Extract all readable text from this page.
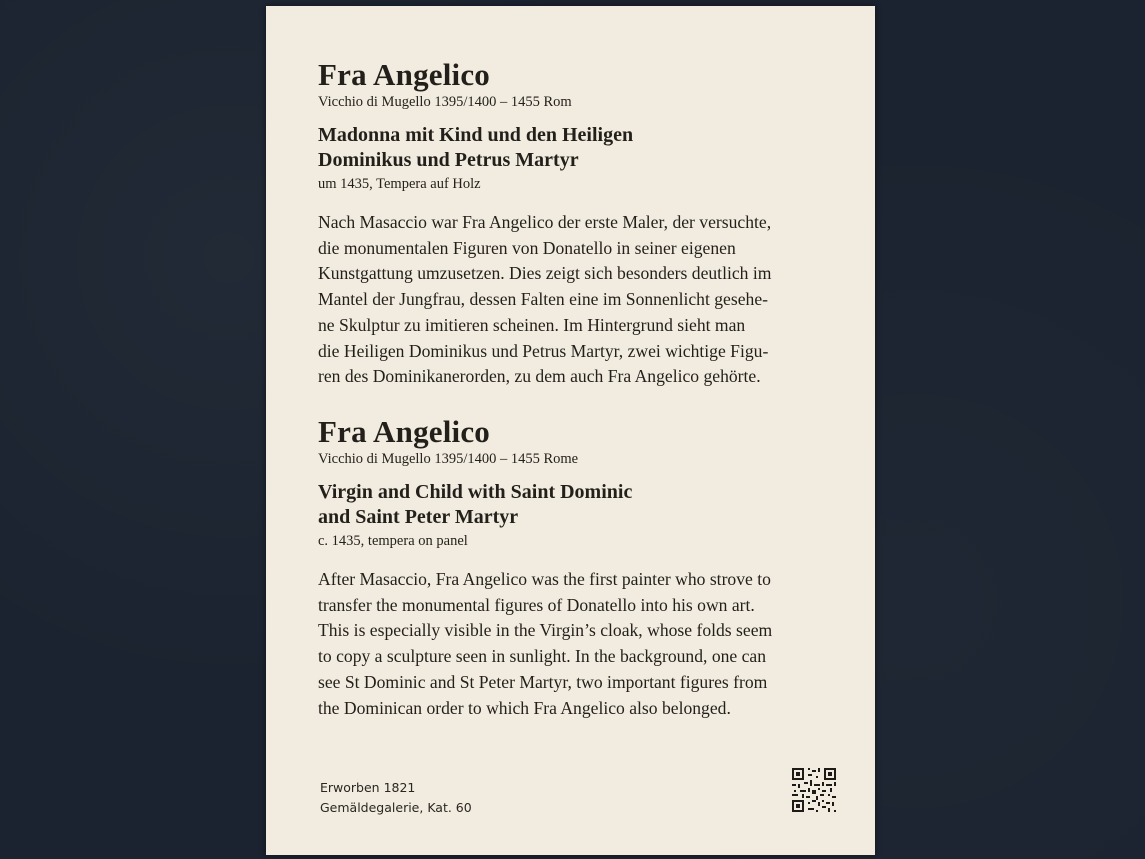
Fra Angelico
Vicchio di Mugello 1395/1400 – 1455 Rom
Madonna mit Kind und den Heiligen
Dominikus und Petrus Martyr
um 1435, Tempera auf Holz
Nach Masaccio war Fra Angelico der erste Maler, der versuchte,
die monumentalen Figuren von Donatello in seiner eigenen
Kunstgattung umzusetzen. Dies zeigt sich besonders deutlich im
Mantel der Jungfrau, dessen Falten eine im Sonnenlicht gesehe-
ne Skulptur zu imitieren scheinen. Im Hintergrund sieht man
die Heiligen Dominikus und Petrus Martyr, zwei wichtige Figu-
ren des Dominikanerorden, zu dem auch Fra Angelico gehörte.
Fra Angelico
Vicchio di Mugello 1395/1400 – 1455 Rome
Virgin and Child with Saint Dominic
and Saint Peter Martyr
c. 1435, tempera on panel
After Masaccio, Fra Angelico was the first painter who strove to
transfer the monumental figures of Donatello into his own art.
This is especially visible in the Virgin’s cloak, whose folds seem
to copy a sculpture seen in sunlight. In the background, one can
see St Dominic and St Peter Martyr, two important figures from
the Dominican order to which Fra Angelico also belonged.
Erworben 1821
Gemäldegalerie, Kat. 60
